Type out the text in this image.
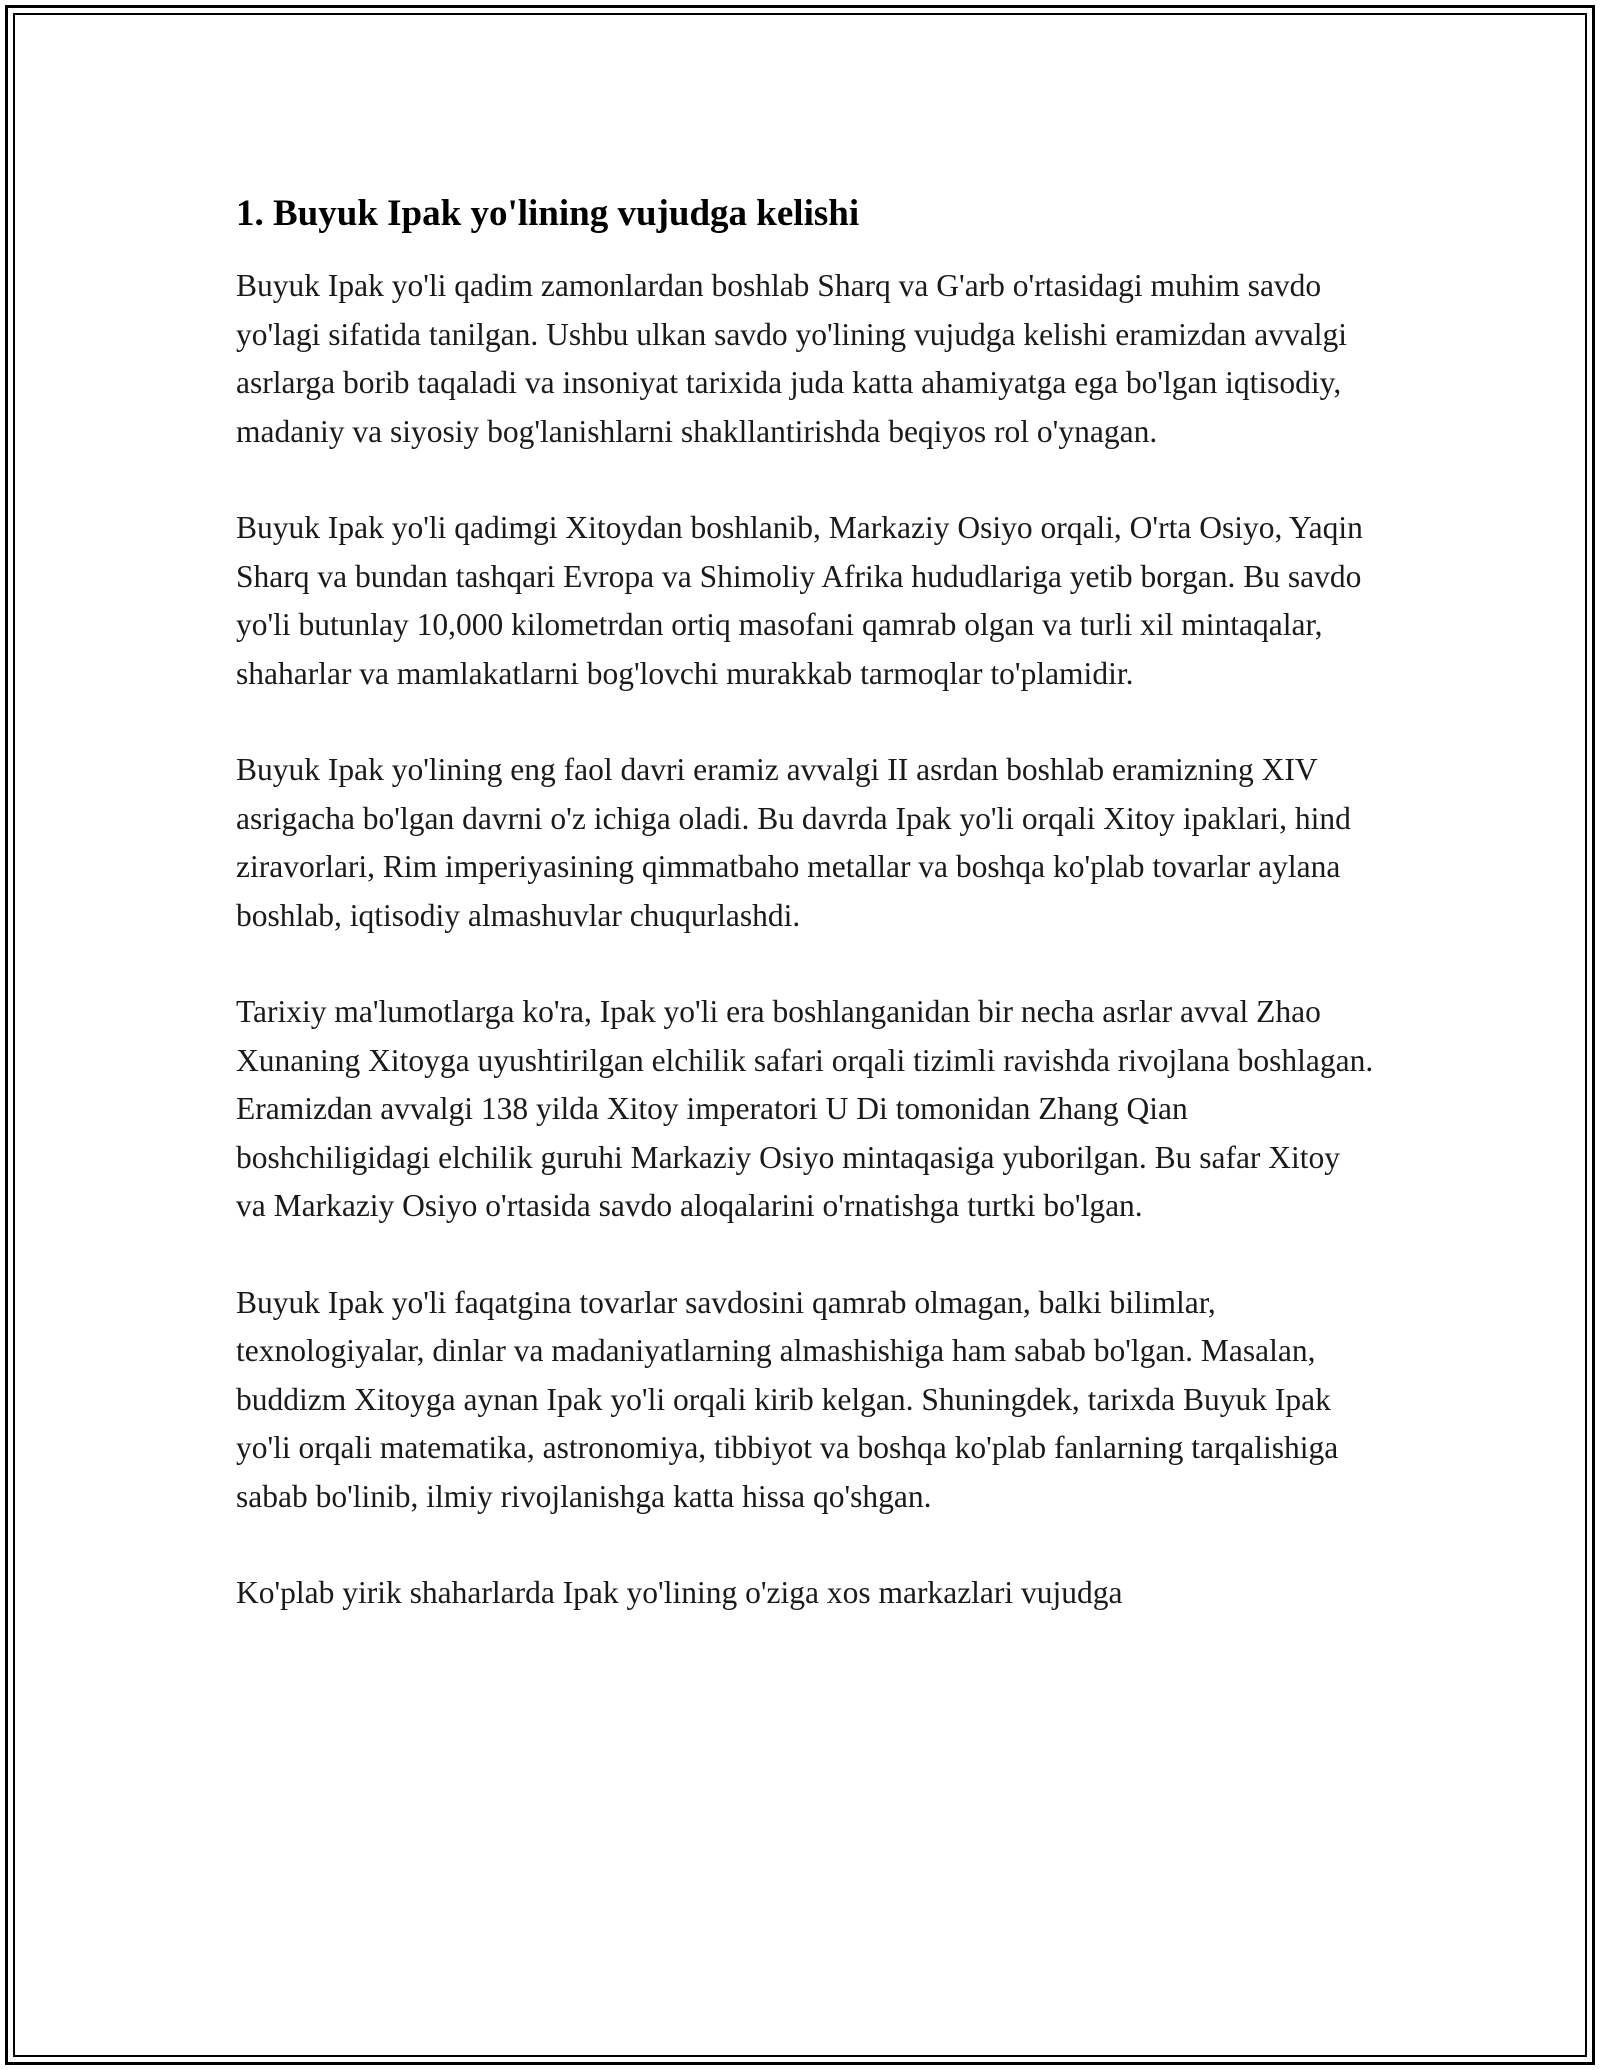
1. Buyuk Ipak yo'lining vujudga kelishi

Buyuk Ipak yo'li qadim zamonlardan boshlab Sharq va G'arb o'rtasidagi muhim savdo yo'lagi sifatida tanilgan. Ushbu ulkan savdo yo'lining vujudga kelishi eramizdan avvalgi asrlarga borib taqaladi va insoniyat tarixida juda katta ahamiyatga ega bo'lgan iqtisodiy, madaniy va siyosiy bog'lanishlarni shakllantirishda beqiyos rol o'ynagan.

Buyuk Ipak yo'li qadimgi Xitoydan boshlanib, Markaziy Osiyo orqali, O'rta Osiyo, Yaqin Sharq va bundan tashqari Evropa va Shimoliy Afrika hududlariga yetib borgan. Bu savdo yo'li butunlay 10,000 kilometrdan ortiq masofani qamrab olgan va turli xil mintaqalar, shaharlar va mamlakatlarni bog'lovchi murakkab tarmoqlar to'plamidir.

Buyuk Ipak yo'lining eng faol davri eramiz avvalgi II asrdan boshlab eramizning XIV asrigacha bo'lgan davrni o'z ichiga oladi. Bu davrda Ipak yo'li orqali Xitoy ipaklari, hind ziravorlari, Rim imperiyasining qimmatbaho metallar va boshqa ko'plab tovarlar aylana boshlab, iqtisodiy almashuvlar chuqurlashdi.

Tarixiy ma'lumotlarga ko'ra, Ipak yo'li era boshlanganidan bir necha asrlar avval Zhao Xunaning Xitoyga uyushtirilgan elchilik safari orqali tizimli ravishda rivojlana boshlagan. Eramizdan avvalgi 138 yilda Xitoy imperatori U Di tomonidan Zhang Qian boshchiligidagi elchilik guruhi Markaziy Osiyo mintaqasiga yuborilgan. Bu safar Xitoy va Markaziy Osiyo o'rtasida savdo aloqalarini o'rnatishga turtki bo'lgan.

Buyuk Ipak yo'li faqatgina tovarlar savdosini qamrab olmagan, balki bilimlar, texnologiyalar, dinlar va madaniyatlarning almashishiga ham sabab bo'lgan. Masalan, buddizm Xitoyga aynan Ipak yo'li orqali kirib kelgan. Shuningdek, tarixda Buyuk Ipak yo'li orqali matematika, astronomiya, tibbiyot va boshqa ko'plab fanlarning tarqalishiga sabab bo'linib, ilmiy rivojlanishga katta hissa qo'shgan.

Ko'plab yirik shaharlarda Ipak yo'lining o'ziga xos markazlari vujudga
